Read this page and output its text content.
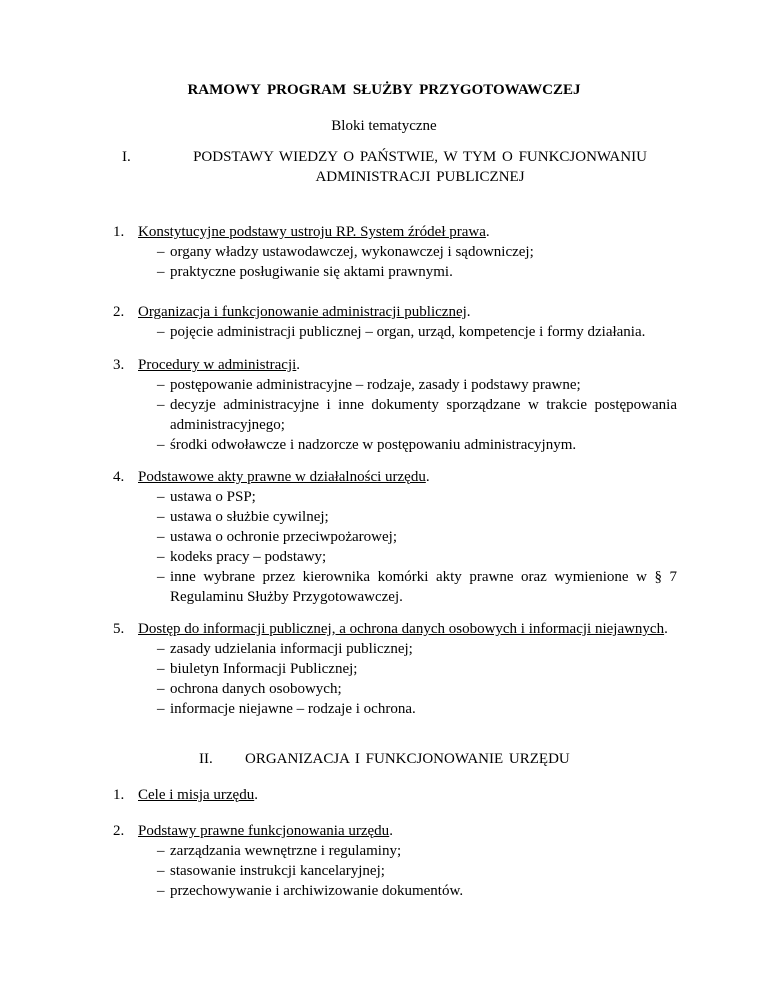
RAMOWY PROGRAM SŁUŻBY PRZYGOTOWAWCZEJ
Bloki tematyczne
I.	PODSTAWY WIEDZY O PAŃSTWIE, W TYM O FUNKCJONWANIU
ADMINISTRACJI PUBLICZNEJ
1. Konstytucyjne podstawy ustroju RP. System źródeł prawa.
– organy władzy ustawodawczej, wykonawczej i sądowniczej;
– praktyczne posługiwanie się aktami prawnymi.
2. Organizacja i funkcjonowanie administracji publicznej.
– pojęcie administracji publicznej – organ, urząd, kompetencje i formy działania.
3. Procedury w administracji.
– postępowanie administracyjne – rodzaje, zasady i podstawy prawne;
– decyzje administracyjne i inne dokumenty sporządzane w trakcie postępowania administracyjnego;
– środki odwoławcze i nadzorcze w postępowaniu administracyjnym.
4. Podstawowe akty prawne w działalności urzędu.
– ustawa o PSP;
– ustawa o służbie cywilnej;
– ustawa o ochronie przeciwpożarowej;
– kodeks pracy – podstawy;
– inne wybrane przez kierownika komórki akty prawne oraz wymienione w § 7 Regulaminu Służby Przygotowawczej.
5. Dostęp do informacji publicznej, a ochrona danych osobowych i informacji niejawnych.
– zasady udzielania informacji publicznej;
– biuletyn Informacji Publicznej;
– ochrona danych osobowych;
– informacje niejawne – rodzaje i ochrona.
II. ORGANIZACJA I FUNKCJONOWANIE URZĘDU
1. Cele i misja urzędu.
2. Podstawy prawne funkcjonowania urzędu.
– zarządzania wewnętrzne i regulaminy;
– stasowanie instrukcji kancelaryjnej;
– przechowywanie i archiwizowanie dokumentów.
